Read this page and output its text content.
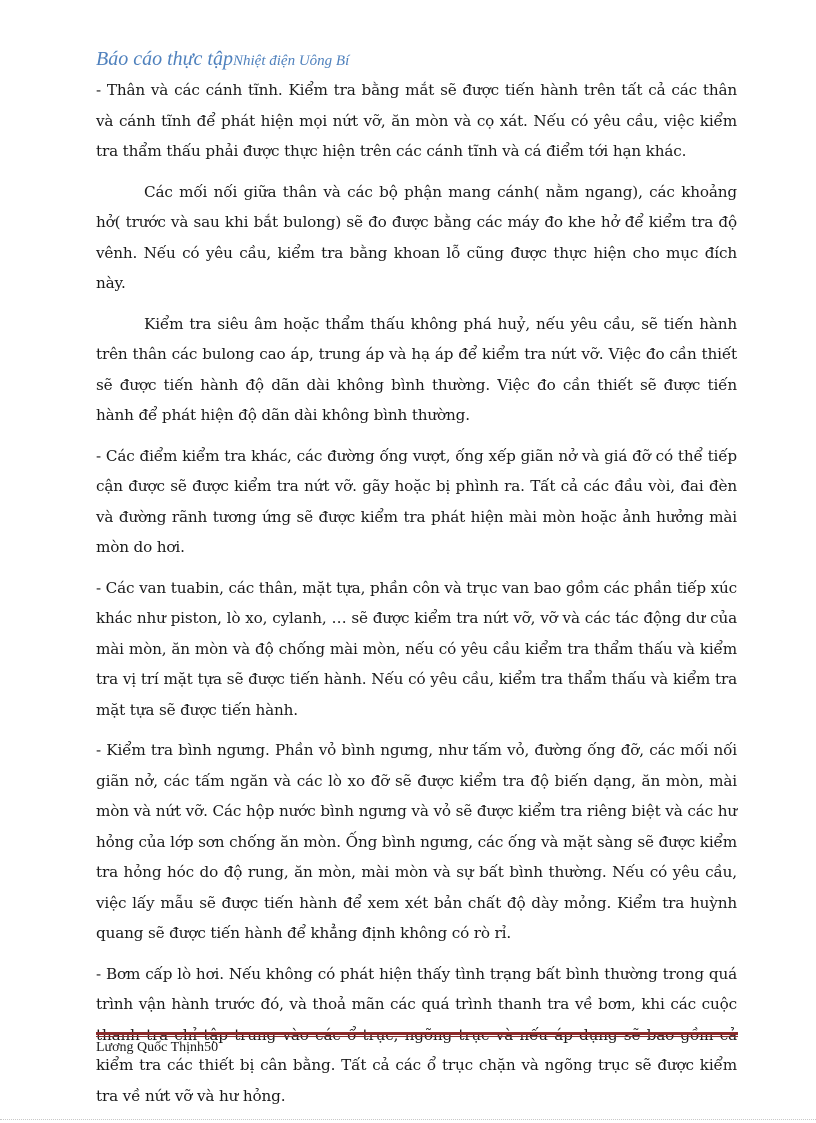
Báo cáo thực tậpNhiệt điện Uông Bí

- Thân và các cánh tĩnh. Kiểm tra bằng mắt sẽ được tiến hành trên tất cả các thân và cánh tĩnh để phát hiện mọi nứt vỡ, ăn mòn và cọ xát. Nếu có yêu cầu, việc kiểm tra thẩm thấu phải được thực hiện trên các cánh tĩnh và cá điểm tới hạn khác.

Các mối nối giữa thân và các bộ phận mang cánh( nằm ngang), các khoảng hở( trước và sau khi bắt bulong) sẽ đo được bằng các máy đo khe hở để kiểm tra độ vênh. Nếu có yêu cầu, kiểm tra bằng khoan lỗ cũng được thực hiện cho mục đích này.

Kiểm tra siêu âm hoặc thẩm thấu không phá huỷ, nếu yêu cầu, sẽ tiến hành trên thân các bulong cao áp, trung áp và hạ áp để kiểm tra nứt vỡ. Việc đo cần thiết sẽ được tiến hành độ dãn dài không bình thường. Việc đo cần thiết sẽ được tiến hành để phát hiện độ dãn dài không bình thường.

- Các điểm kiểm tra khác, các đường ống vượt, ống xếp giãn nở và giá đỡ có thể tiếp cận được sẽ được kiểm tra nứt vỡ. gãy hoặc bị phình ra. Tất cả các đầu vòi, đai đèn và đường rãnh tương ứng sẽ được kiểm tra phát hiện mài mòn hoặc ảnh hưởng mài mòn do hơi.

- Các van tuabin, các thân, mặt tựa, phần côn và trục van bao gồm các phần tiếp xúc khác như piston, lò xo, cylanh, … sẽ được kiểm tra nứt vỡ, vỡ và các tác động dư của mài mòn, ăn mòn và độ chống mài mòn, nếu có yêu cầu kiểm tra thẩm thấu và kiểm tra vị trí mặt tựa sẽ được tiến hành. Nếu có yêu cầu, kiểm tra thẩm thấu và kiểm tra mặt tựa sẽ được tiến hành.

- Kiểm tra bình ngưng. Phần vỏ bình ngưng, như tấm vỏ, đường ống đỡ, các mối nối giãn nở, các tấm ngăn và các lò xo đỡ sẽ được kiểm tra độ biến dạng, ăn mòn, mài mòn và nứt vỡ. Các hộp nước bình ngưng và vỏ sẽ được kiểm tra riêng biệt và các hư hỏng của lớp sơn chống ăn mòn. Ống bình ngưng, các ống và mặt sàng sẽ được kiểm tra hỏng hóc do độ rung, ăn mòn, mài mòn và sự bất bình thường. Nếu có yêu cầu, việc lấy mẫu sẽ được tiến hành để xem xét bản chất độ dày mỏng. Kiểm tra huỳnh quang sẽ được tiến hành để khẳng định không có rò rỉ.

- Bơm cấp lò hơi. Nếu không có phát hiện thấy tình trạng bất bình thường trong quá trình vận hành trước đó, và thoả mãn các quá trình thanh tra về bơm, khi các cuộc thanh tra chỉ tập trung vào các ổ trục, ngõng trục và nếu áp dụng sẽ bao gồm cả kiểm tra các thiết bị cân bằng. Tất cả các ổ trục chặn và ngõng trục sẽ được kiểm tra về nứt vỡ và hư hỏng.

Lương Quốc Thịnh50
